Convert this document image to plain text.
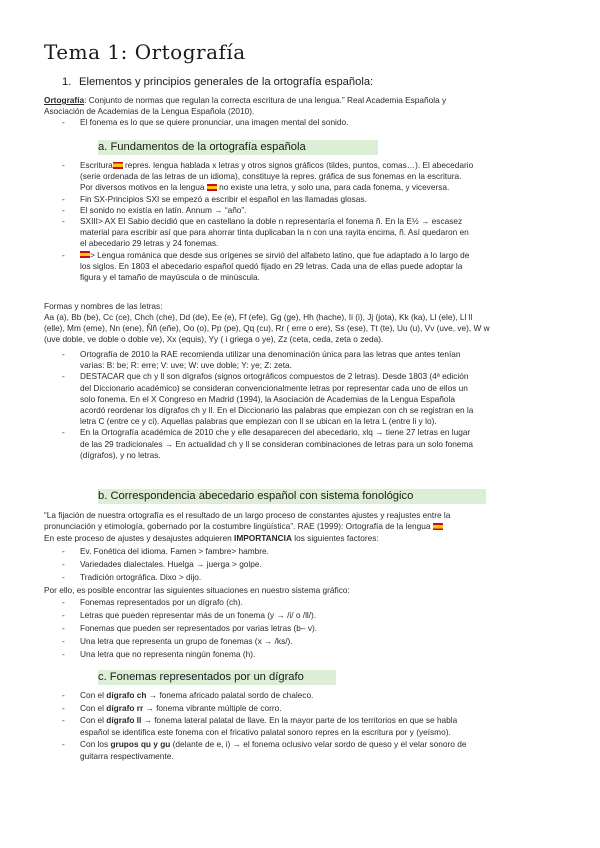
Tema 1: Ortografía
1. Elementos y principios generales de la ortografía española:
Ortografía: Conjunto de normas que regulan la correcta escritura de una lengua.” Real Academia Española y
Asociación de Academias de la Lengua Española (2010).
- El fonema es lo que se quiere pronunciar, una imagen mental del sonido.
a. Fundamentos de la ortografía española
Formas y nombres de las letras:
b. Correspondencia abecedario español con sistema fonológico
“La fijación de nuestra ortografía es el resultado de un largo proceso de constantes ajustes y reajustes entre la
pronunciación y etimología, gobernado por la costumbre lingüística”. RAE (1999): Ortografía de la lengua
En este proceso de ajustes y desajustes adquieren IMPORTANCIA los siguientes factores:
Por ello, es posible encontrar las siguientes situaciones en nuestro sistema gráfico:
c. Fonemas representados por un dígrafo
- Escritura repres. lengua hablada x letras y otros signos gráficos (tildes, puntos, comas…). El abecedario
(serie ordenada de las letras de un idioma), constituye la repres. gráfica de sus fonemas en la escritura.
Por diversos motivos en la lengua  no existe una letra, y solo una, para cada fonema, y viceversa.
- Fin SX-Principios SXI se empezó a escribir el español en las llamadas glosas.
- El sonido no existía en latín. Annum → “año”.
- SXIII> AX El Sabio decidió que en castellano la doble n representaría el fonema ñ. En la E½ → escasez
material para escribir así que para ahorrar tinta duplicaban la n con una rayita encima, ñ. Así quedaron en
el abecedario 29 letras y 24 fonemas.
-	> Lengua románica que desde sus orígenes se sirvió del alfabeto latino, que fue adaptado a lo largo de
los siglos. En 1803 el abecedario español quedó fijado en 29 letras. Cada una de ellas puede adoptar la
figura y el tamaño de mayúscula o de minúscula.
Aa (a), Bb (be), Cc (ce), Chch (che), Dd (de), Ee (e), Ff (efe), Gg (ge), Hh (hache), Ii (i), Jj (jota), Kk (ka), Ll (ele), Ll ll
(elle), Mm (eme), Nn (ene), Ññ (eñe), Oo (o), Pp (pe), Qq (cu), Rr ( erre o ere), Ss (ese), Tt (te), Uu (u), Vv (uve, ve), W w
(uve doble, ve doble o doble ve), Xx (equis), Yy ( i griega o ye), Zz (ceta, ceda, zeta o zeda).
- Ortografía de 2010 la RAE recomienda utilizar una denominación única para las letras que antes tenían
varias: B: be; R: erre; V: uve; W: uve doble; Y: ye; Z: zeta.
- DESTACAR que ch y ll son dígrafos (signos ortográficos compuestos de 2 letras). Desde 1803 (4ª edición
del Diccionario académico) se consideran convencionalmente letras por representar cada uno de ellos un
solo fonema. En el X Congreso en Madrid (1994), la Asociación de Academias de la Lengua Española
acordó reordenar los dígrafos ch y ll. En el Diccionario las palabras que empiezan con ch se registran en la
letra C (entre ce y ci). Aquellas palabras que empiezan con ll se ubican en la letra L (entre li y lo).
- En la Ortografía académica de 2010 che y elle desaparecen del abecedario, xlq → tiene 27 letras en lugar
de las 29 tradicionales → En actualidad ch y ll se consideran combinaciones de letras para un solo fonema
(dígrafos), y no letras.
- Ev. Fonética del idioma. Famen > fambre> hambre.
- Variedades dialectales. Huelga → juerga > golpe.
- Tradición ortográfica. Dixo > dijo.
- Fonemas representados por un dígrafo (ch).
- Letras que pueden representar más de un fonema (y → /i/ o /ll/).
- Fonemas que pueden ser representados por varias letras (b– v).
- Una letra que representa un grupo de fonemas (x → /ks/).
- Una letra que no representa ningún fonema (h).
- Con el dígrafo ch → fonema africado palatal sordo de chaleco.
- Con el dígrafo rr → fonema vibrante múltiple de corro.
- Con el dígrafo ll → fonema lateral palatal de llave. En la mayor parte de los territorios en que se habla
español se identifica este fonema con el fricativo palatal sonoro repres en la escritura por y (yeísmo).
- Con los grupos qu y gu (delante de e, i) → el fonema oclusivo velar sordo de queso y el velar sonoro de
guitarra respectivamente.
